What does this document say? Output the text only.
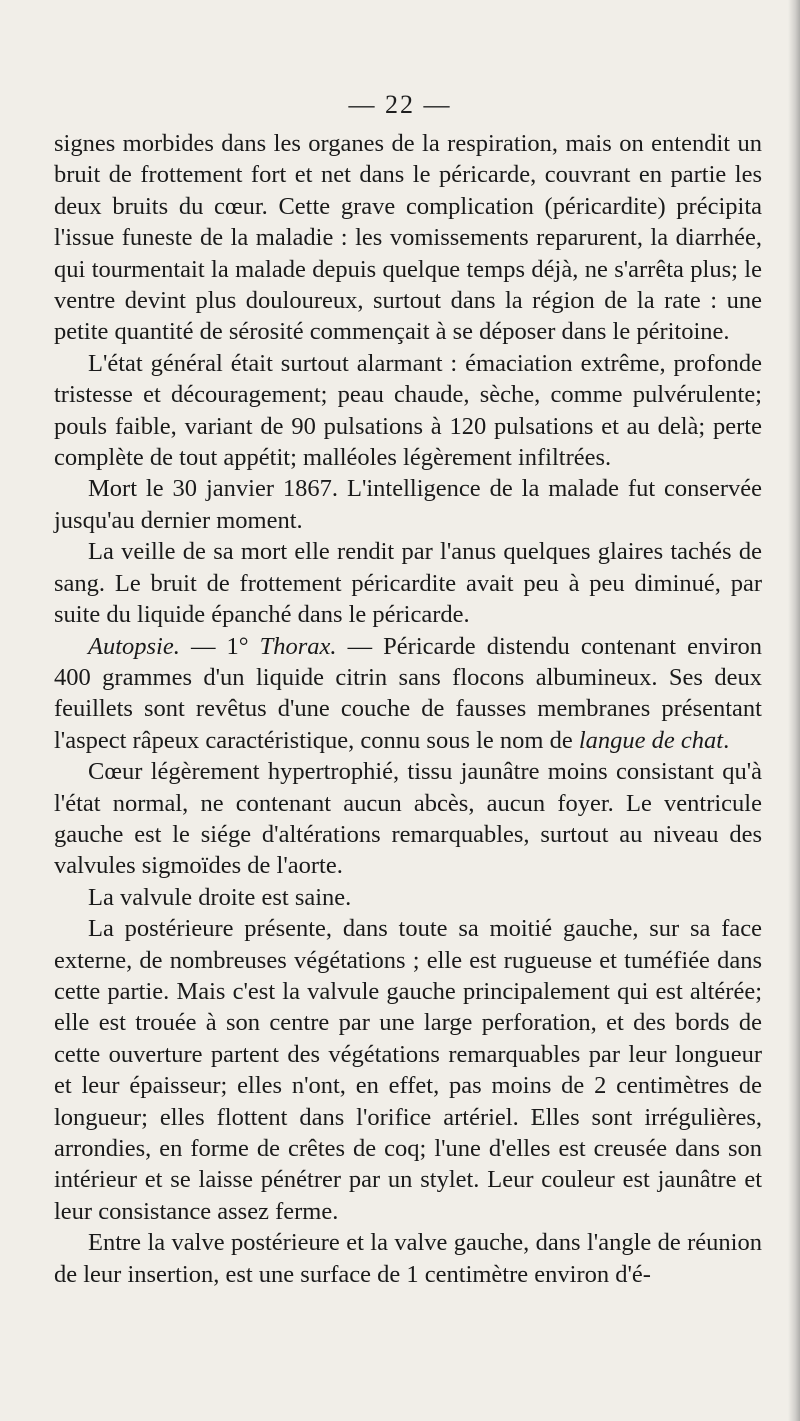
— 22 —

signes morbides dans les organes de la respiration, mais on entendit un bruit de frottement fort et net dans le péricarde, couvrant en partie les deux bruits du cœur. Cette grave complication (péricardite) précipita l'issue funeste de la maladie : les vomissements reparurent, la diarrhée, qui tourmentait la malade depuis quelque temps déjà, ne s'arrêta plus; le ventre devint plus douloureux, surtout dans la région de la rate : une petite quantité de sérosité commençait à se déposer dans le péritoine.

L'état général était surtout alarmant : émaciation extrême, profonde tristesse et découragement; peau chaude, sèche, comme pulvérulente; pouls faible, variant de 90 pulsations à 120 pulsations et au delà; perte complète de tout appétit; malléoles légèrement infiltrées.

Mort le 30 janvier 1867. L'intelligence de la malade fut conservée jusqu'au dernier moment.

La veille de sa mort elle rendit par l'anus quelques glaires tachés de sang. Le bruit de frottement péricardite avait peu à peu diminué, par suite du liquide épanché dans le péricarde.

Autopsie. — 1° Thorax. — Péricarde distendu contenant environ 400 grammes d'un liquide citrin sans flocons albumineux. Ses deux feuillets sont revêtus d'une couche de fausses membranes présentant l'aspect râpeux caractéristique, connu sous le nom de langue de chat.

Cœur légèrement hypertrophié, tissu jaunâtre moins consistant qu'à l'état normal, ne contenant aucun abcès, aucun foyer. Le ventricule gauche est le siége d'altérations remarquables, surtout au niveau des valvules sigmoïdes de l'aorte.

La valvule droite est saine.

La postérieure présente, dans toute sa moitié gauche, sur sa face externe, de nombreuses végétations ; elle est rugueuse et tuméfiée dans cette partie. Mais c'est la valvule gauche principalement qui est altérée; elle est trouée à son centre par une large perforation, et des bords de cette ouverture partent des végétations remarquables par leur longueur et leur épaisseur; elles n'ont, en effet, pas moins de 2 centimètres de longueur; elles flottent dans l'orifice artériel. Elles sont irrégulières, arrondies, en forme de crêtes de coq; l'une d'elles est creusée dans son intérieur et se laisse pénétrer par un stylet. Leur couleur est jaunâtre et leur consistance assez ferme.

Entre la valve postérieure et la valve gauche, dans l'angle de réunion de leur insertion, est une surface de 1 centimètre environ d'é-
